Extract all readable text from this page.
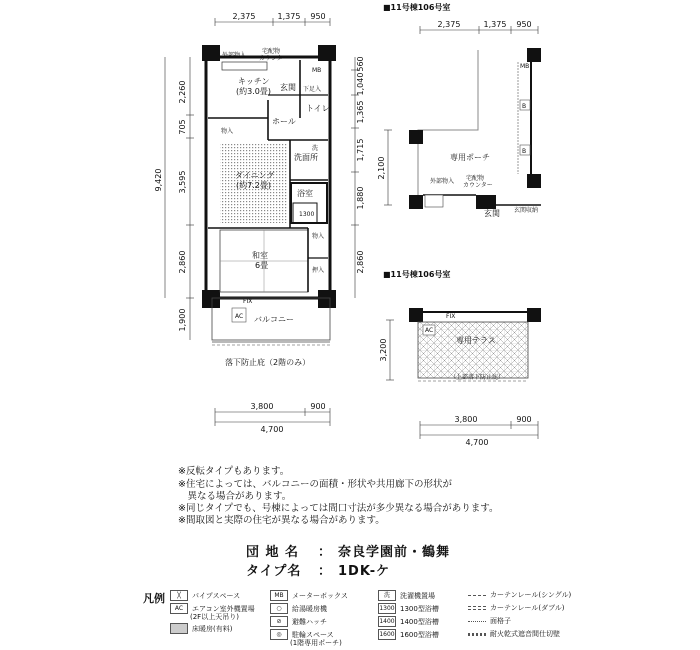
2,375	1,375 950
2,260
705
3,595
2,860
9,420
1,900
560
1,040
1,365
1,715
1,880
2,860
キッチン
(約3.0畳) 玄関
トイレ
ホール
ダイニング
(約7.2畳)
洗面所
浴室
和室
6畳
バルコニー
外部物入
宅配物
カウンター
MB
物入
物入
押入
洗
1300
AC
FIX
下足入
落下防止庇（2階のみ）
3,800	900
4,700
■11号棟106号室
2,375	1,375 950
2,100	専用ポーチ
外部物入 宅配物
カウンター
玄関 玄関収納
MB
B
B
■11号棟106号室
3,200	専用テラス
（上部落下防止庇）
AC
FIX
3,800	900
4,700
※反転タイプもあります。
※住宅によっては、バルコニーの面積・形状や共用廊下の形状が
　異なる場合があります。
※同じタイプでも、号棟によっては間口寸法が多少異なる場合があります。
※間取図と実際の住宅が異なる場合があります。
団 地 名 ： 奈良学園前・鶴舞
タイプ名 ： 1DK-ケ
凡例	╳	パイプスペース
AC	エアコン室外機置場
(2F以上天吊り)
床暖房(有料)
MB	メーターボックス
○	給湯暖房機
⊘	避難ハッチ
◎	駐輪スペース
(1階専用ポーチ)
洗	洗濯機置場
1300 1300型浴槽
1400 1400型浴槽
1600 1600型浴槽
カーテンレール(シングル)
カーテンレール(ダブル)
面格子
耐火乾式遮音間仕切壁
